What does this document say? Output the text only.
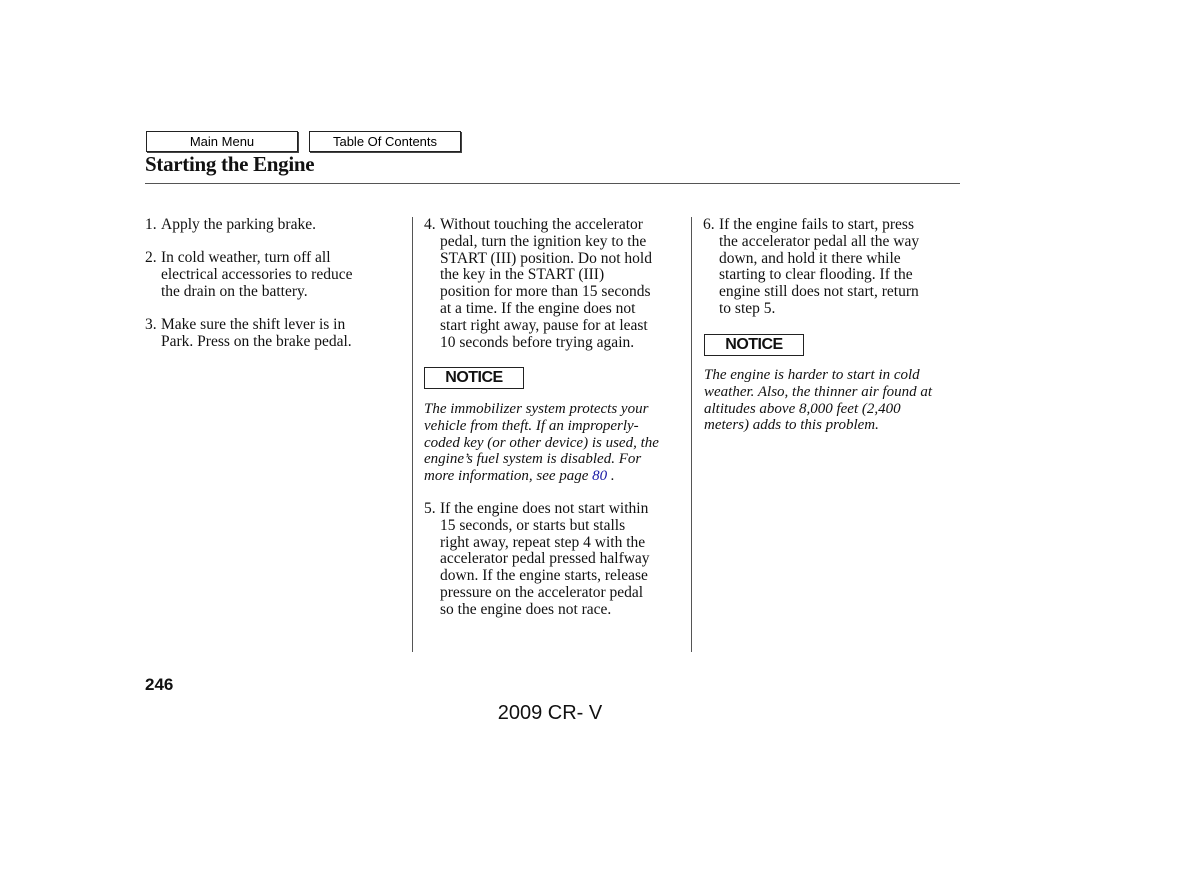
Main Menu	Table Of Contents
Starting the Engine
1. Apply the parking brake.
2. In cold weather, turn off all
electrical accessories to reduce
the drain on the battery.
3. Make sure the shift lever is in
Park. Press on the brake pedal.
4. Without touching the accelerator
pedal, turn the ignition key to the
START (III) position. Do not hold
the key in the START (III)
position for more than 15 seconds
at a time. If the engine does not
start right away, pause for at least
10 seconds before trying again.
5. If the engine does not start within
15 seconds, or starts but stalls
right away, repeat step 4 with the
accelerator pedal pressed halfway
down. If the engine starts, release
pressure on the accelerator pedal
so the engine does not race.
NOTICE
The immobilizer system protects your
vehicle from theft. If an improperly-
coded key (or other device) is used, the
engine’s fuel system is disabled. For
more information, see page 80 .
6. If the engine fails to start, press
the accelerator pedal all the way
down, and hold it there while
starting to clear flooding. If the
engine still does not start, return
to step 5.
NOTICE
The engine is harder to start in cold
weather. Also, the thinner air found at
altitudes above 8,000 feet (2,400
meters) adds to this problem.
246
2009 CR- V
